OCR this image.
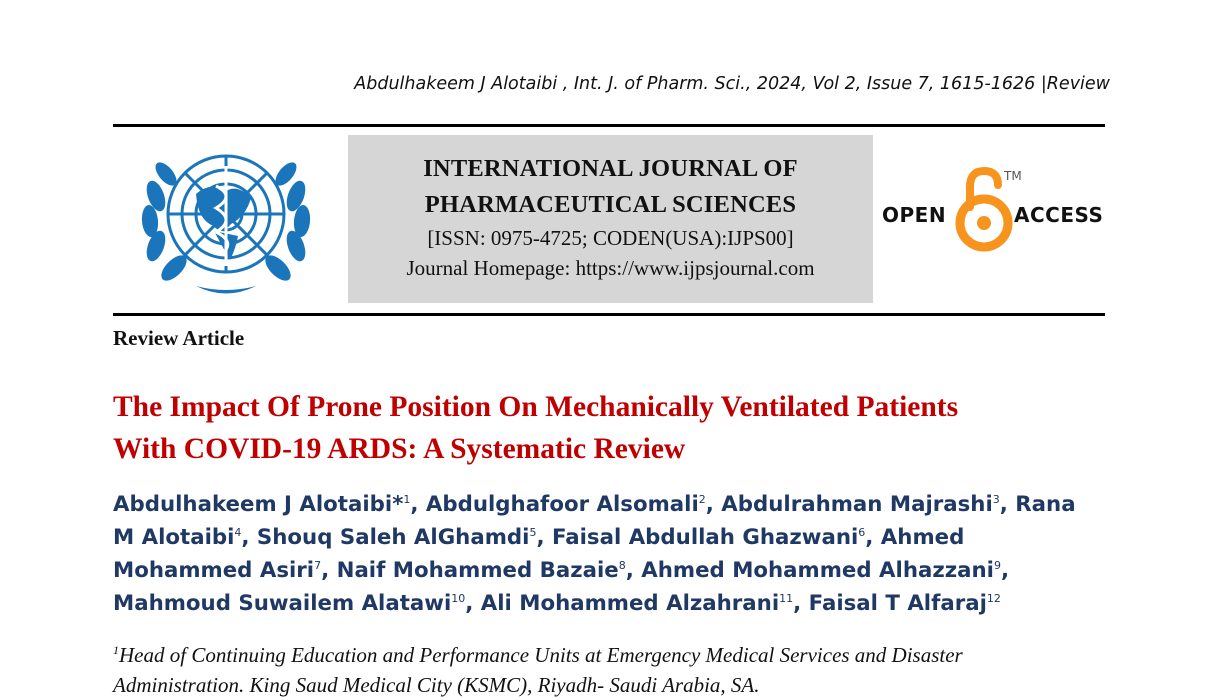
Abdulhakeem J Alotaibi , Int. J. of Pharm. Sci., 2024, Vol 2, Issue 7, 1615-1626 |Review
INTERNATIONAL JOURNAL OF
PHARMACEUTICAL SCIENCES
[ISSN: 0975-4725; CODEN(USA):IJPS00]
Journal Homepage: https://www.ijpsjournal.com
OPEN
TM
ACCESS
Review Article
The Impact Of Prone Position On Mechanically Ventilated Patients
With COVID-19 ARDS: A Systematic Review
Abdulhakeem J Alotaibi*$^1$, Abdulghafoor Alsomali$^2$, Abdulrahman Majrashi$^3$, Rana
M Alotaibi$^4$, Shouq Saleh AlGhamdi$^5$, Faisal Abdullah Ghazwani$^6$, Ahmed
Mohammed Asiri$^7$, Naif Mohammed Bazaie$^8$, Ahmed Mohammed Alhazzani$^9$,
Mahmoud Suwailem Alatawi$^{10}$, Ali Mohammed Alzahrani$^{11}$, Faisal T Alfaraj$^{12}$
$^1$Head of Continuing Education and Performance Units at Emergency Medical Services and Disaster
Administration. King Saud Medical City (KSMC), Riyadh- Saudi Arabia, SA.
